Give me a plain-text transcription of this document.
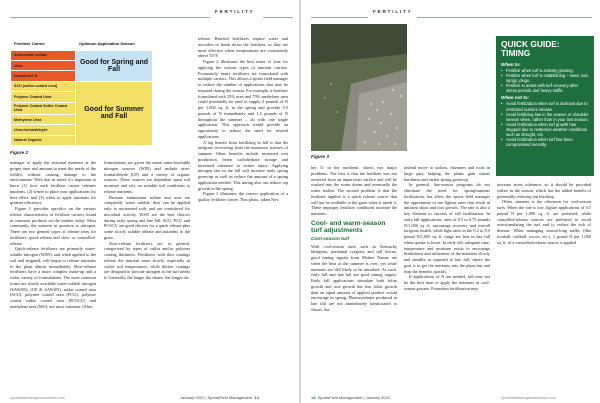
FERTILITY
Fertilizer Carrier	Optimum Application Season
Ammonium sulfate	Good for Spring and Fall
Urea	
Nutralene® N	
SCU (sulfur coated urea)	Good for Summer and Fall
Polymer Coated Urea	
Polymer Coated Sulfur Coated Urea	
Methylene Urea	
Urea-formaldehyde	
Natural Organic	
Figure 2

manager to apply the seasonal nutrients at the proper time and amount to meet the needs of the field(s) without causing damage to the environment. With that in mind, it's important to know (1) how each fertilizer carrier releases nutrients, (2) where to place your applications for best effect and (3) when to apply nutrients for greatest efficiency.

Figure 1 provides specifics on the various release characteristics of fertilizer carriers found in common products on the market today. Most commonly, the nutrient in question is nitrogen. There are two general types of release rates for fertilizers: quick release and slow- or controlled-release.

Quick-release fertilizers are primarily water-soluble nitrogen (WSN), and when applied to the soil and irrigated, will begin to release nutrients to the plant almost immediately. Slow-release fertilizers have a more complex make-up and a wider variety of formulations. The most common forms are slowly available water-soluble nitrogen (SAWSN), (UF & SAWSN), sulfur coated urea (SCU), polymer coated urea (PCU), polymer coated sulfur coated urea (PCSCU) and methylene urea (MU), are most common. Other

formulations are given the name water-insoluble nitrogen sources (WIN) and include urea-formaldehyde (UF) and a variety of organic sources. These sources are dependent upon soil moisture and rely on suitable soil conditions to release nutrients.

Because ammonium sulfate and urea are completely water soluble, they can be applied only to moistened soils and are considered for microbial activity. WSN are the best choices during early spring and late fall. SCU, PCU and PCSCU are good choices for a quick release plus some slowly soluble release and nutrients to the grass.

Slow-release fertilizers are, in general, categorized by types of sulfur and/or polymer coating thickness. Fertilizers with thin coatings release the nutrient more slowly, especially in cooler soil temperatures, while thicker coatings are designed to provide nitrogen as the turf needs it. Generally, the longer the chains, the longer the

release. Reacted fertilizers require water and microbes to break down the fertilizer, so they are most effective when temperatures are consistently above 55°F.

Figure 2 illustrates the best times of year for applying the various types of nutrient carriers. Fortunately, many fertilizers are formulated with multiple carriers. This allows a sports field manager to reduce the number of applications that may be required during the season. For example, a fertilizer formulated with 25% urea and 75% methylene urea could potentially be used to supply 2 pounds of N per 1,000 sq. ft. in the spring and provide 0.5 pounds of N immediately and 1.5 pounds of N throughout the summer – all with one single application. This approach would provide an opportunity to reduce the need for several applications.

A big benefit from fertilizing in fall is that the turfgrass recovering from the numerous stresses of summer. Other benefits include increased root production, better carbohydrate storage and increased tolerance to winter injury. Applying nitrogen late in the fall will increase early spring green-up as well as reduce the amount of a spring application needed. This timing also can reduce top growth in the spring.

Figure 3 illustrates the correct application of a quality fertilizer carrier. This photo, taken Nov.

sportsfieldmanagementonline.com	January 2022 | SportsField Management 13
FERTILITY
Figure 3

ber 11 in the northeast, shows two major problems. The first is that the fertilizer was not removed from an impervious surface and will be washed into the storm drains and eventually the water bodies. The second problem is that the fertilizer applied is a quick release source that will not be available to the grass when it needs it. These improper fertilizer conditions increase the nutrients.

Cool- and warm-season turf adjustments
Cool-season turf

With cool-season turfs such as Kentucky bluegrass, perennial ryegrass and tall fescue, good timing signals from Mother Nature are when the heat of the summer is over, yet while nutrients are still likely to be absorbed. As such, early fall and late fall are good timing targets. Early fall applications stimulate both foliar growth and root growth but less foliar growth than an equal amount of applied product would encourage in spring. Photosynthates produced in late fall are not immediately translocated to shoots, but

instead move to stolons, rhizomes and roots in large part, helping the plants gain winter hardiness and earlier spring green-up.

In general, late-season programs do not eliminate the need for spring/summer fertilization, but allow the sports field manager the opportunity to use lighter rates that result in uniform shoot and root growth. The rate is also a key element to success of fall fertilization. In early fall applications, rates of 0.5 to 0.75 pounds N/1,000 sq. ft. encourage recovery and overall turfgrass health, while light rates in the 0.2 to 0.5 pound N/1,000 sq. ft. range are best in late fall when uptake is lower. In early fall, adequate time, temperature and moisture exists to encourage breakdown and utilization of the nutrients slowly and steadily as opposed to late fall, where the goal is to get the nutrients into the plant fast and reap the benefits quickly.

If applications of N are needed, fall may not be the best time to apply the nutrients in cool-season grasses. Potassium fertilization may

increase stress tolerance, so it should be provided earlier in the season, which has the added benefit of potentially reducing ion leaching.

Often, summer is the offseason for cool-season turfs. When the rate is low, lighter applications of 0.5 pound N per 1,000 sq. ft. are preferred, while controlled-release sources are preferred to avoid overstimulating the turf and to reduce the risk of disease. When managing season-long traffic (like football, softball, soccer, etc.), 1 pound N per 1,000 sq. ft. of a controlled-release source is applied

14 SportsField Management | January 2022	sportsfieldmanagementonline.com
QUICK GUIDE: TIMING
When to:
• Fertilize when turf is actively growing.
• Fertilize when turf is establishing – seed, sod, sprigs, plugs.
• Fertilize to assist with turf recovery after stress periods and heavy traffic.
When not to:
• Avoid fertilization when turf is dormant due to restricted nutrient release.
• Avoid fertilizing late in the season or shoulder season when, rather than in your last season.
• Avoid fertilization when turf growth has stopped due to restrictive weather conditions such as drought, etc.
• Avoid fertilization when turf has been compromised recently.
